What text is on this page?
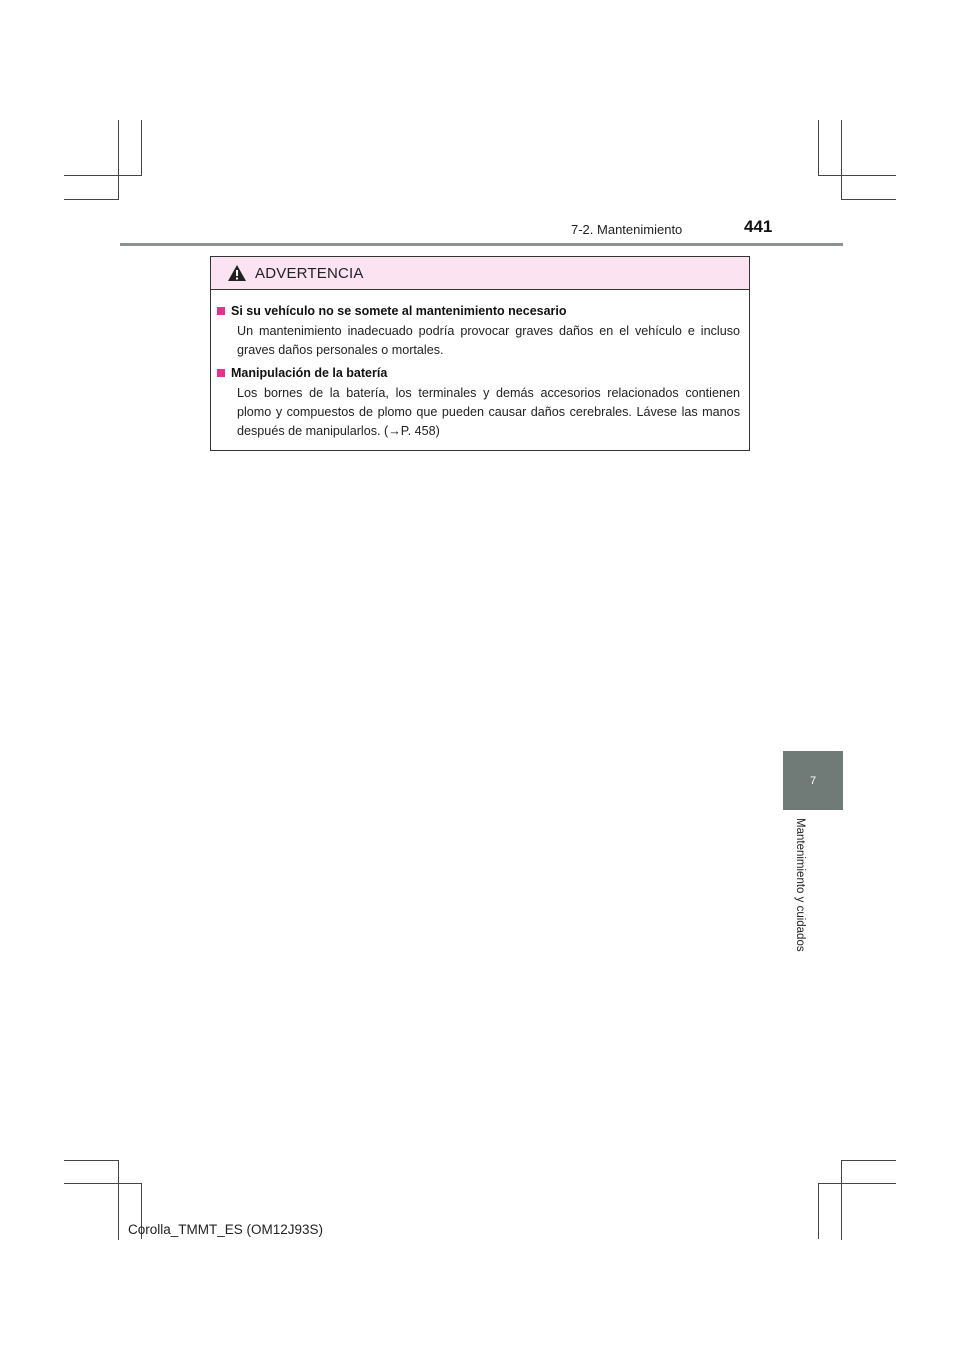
7-2. Mantenimiento	441
ADVERTENCIA
Si su vehículo no se somete al mantenimiento necesario
Un mantenimiento inadecuado podría provocar graves daños en el vehículo e incluso graves daños personales o mortales.
Manipulación de la batería
Los bornes de la batería, los terminales y demás accesorios relacionados contienen plomo y compuestos de plomo que pueden causar daños cerebrales. Lávese las manos después de manipularlos. (→P. 458)
7
Mantenimiento y cuidados
Corolla_TMMT_ES (OM12J93S)
